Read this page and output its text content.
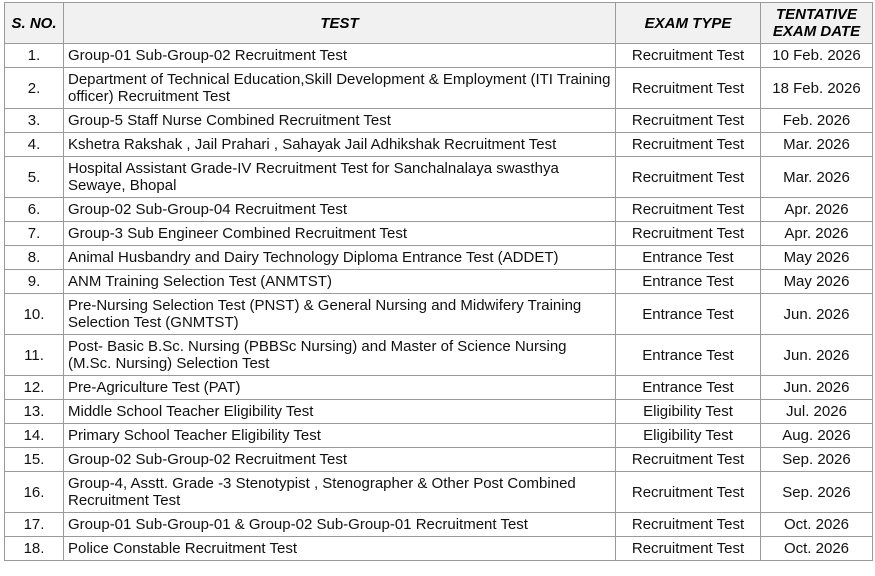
S. NO.	TEST	EXAM TYPE	TENTATIVE
EXAM DATE
1.	Group-01 Sub-Group-02 Recruitment Test	Recruitment Test	10 Feb. 2026
2.	Department of Technical Education,Skill Development & Employment (ITI Training officer) Recruitment Test	Recruitment Test	18 Feb. 2026
3.	Group-5 Staff Nurse Combined Recruitment Test	Recruitment Test	Feb. 2026
4.	Kshetra Rakshak , Jail Prahari , Sahayak Jail Adhikshak Recruitment Test	Recruitment Test	Mar. 2026
5.	Hospital Assistant Grade-IV Recruitment Test for Sanchalnalaya swasthya Sewaye, Bhopal	Recruitment Test	Mar. 2026
6.	Group-02 Sub-Group-04 Recruitment Test	Recruitment Test	Apr. 2026
7.	Group-3 Sub Engineer Combined Recruitment Test	Recruitment Test	Apr. 2026
8.	Animal Husbandry and Dairy Technology Diploma Entrance Test (ADDET)	Entrance Test	May 2026
9.	ANM Training Selection Test (ANMTST)	Entrance Test	May 2026
10.	Pre-Nursing Selection Test (PNST) & General Nursing and Midwifery Training Selection Test (GNMTST)	Entrance Test	Jun. 2026
11.	Post- Basic B.Sc. Nursing (PBBSc Nursing) and Master of Science Nursing (M.Sc. Nursing) Selection Test	Entrance Test	Jun. 2026
12.	Pre-Agriculture Test (PAT)	Entrance Test	Jun. 2026
13.	Middle School Teacher Eligibility Test	Eligibility Test	Jul. 2026
14.	Primary School Teacher Eligibility Test	Eligibility Test	Aug. 2026
15.	Group-02 Sub-Group-02 Recruitment Test	Recruitment Test	Sep. 2026
16.	Group-4, Asstt. Grade -3 Stenotypist , Stenographer & Other Post Combined Recruitment Test	Recruitment Test	Sep. 2026
17.	Group-01 Sub-Group-01 & Group-02 Sub-Group-01 Recruitment Test	Recruitment Test	Oct. 2026
18.	Police Constable Recruitment Test	Recruitment Test	Oct. 2026
